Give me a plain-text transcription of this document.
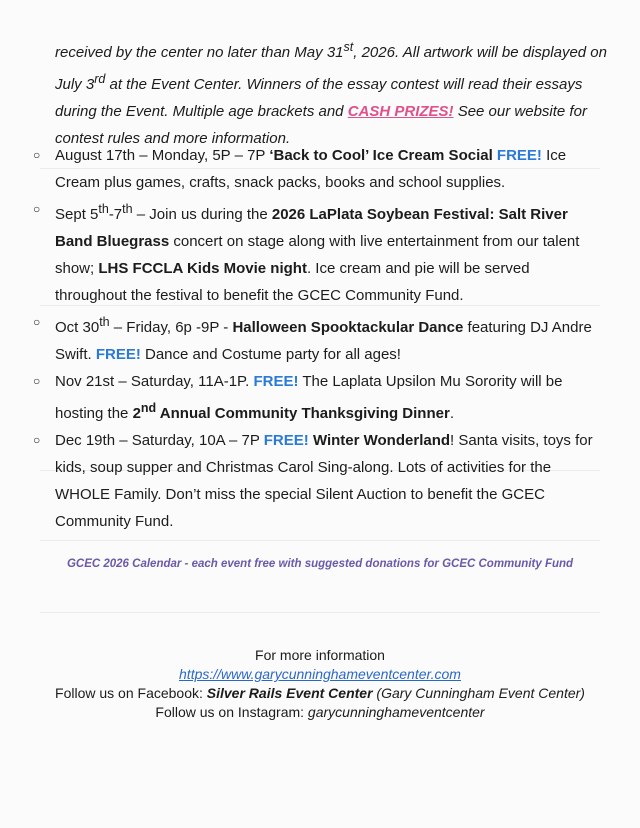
received by the center no later than May 31st, 2026. All artwork will be displayed on July 3rd at the Event Center. Winners of the essay contest will read their essays during the Event. Multiple age brackets and CASH PRIZES! See our website for contest rules and more information.
○ August 17th – Monday, 5P – 7P ‘Back to Cool’ Ice Cream Social FREE! Ice Cream plus games, crafts, snack packs, books and school supplies.
○ Sept 5th-7th – Join us during the 2026 LaPlata Soybean Festival: Salt River Band Bluegrass concert on stage along with live entertainment from our talent show; LHS FCCLA Kids Movie night. Ice cream and pie will be served throughout the festival to benefit the GCEC Community Fund.
○ Oct 30th – Friday, 6p -9P - Halloween Spooktackular Dance featuring DJ Andre Swift. FREE! Dance and Costume party for all ages!
○ Nov 21st – Saturday, 11A-1P. FREE! The Laplata Upsilon Mu Sorority will be hosting the 2nd Annual Community Thanksgiving Dinner.
○ Dec 19th – Saturday, 10A – 7P FREE! Winter Wonderland! Santa visits, toys for kids, soup supper and Christmas Carol Sing-along. Lots of activities for the WHOLE Family. Don’t miss the special Silent Auction to benefit the GCEC Community Fund.
GCEC 2026 Calendar - each event free with suggested donations for GCEC Community Fund
For more information
https://www.garycunninghameventcenter.com
Follow us on Facebook: Silver Rails Event Center (Gary Cunningham Event Center)
Follow us on Instagram: garycunninghameventcenter
